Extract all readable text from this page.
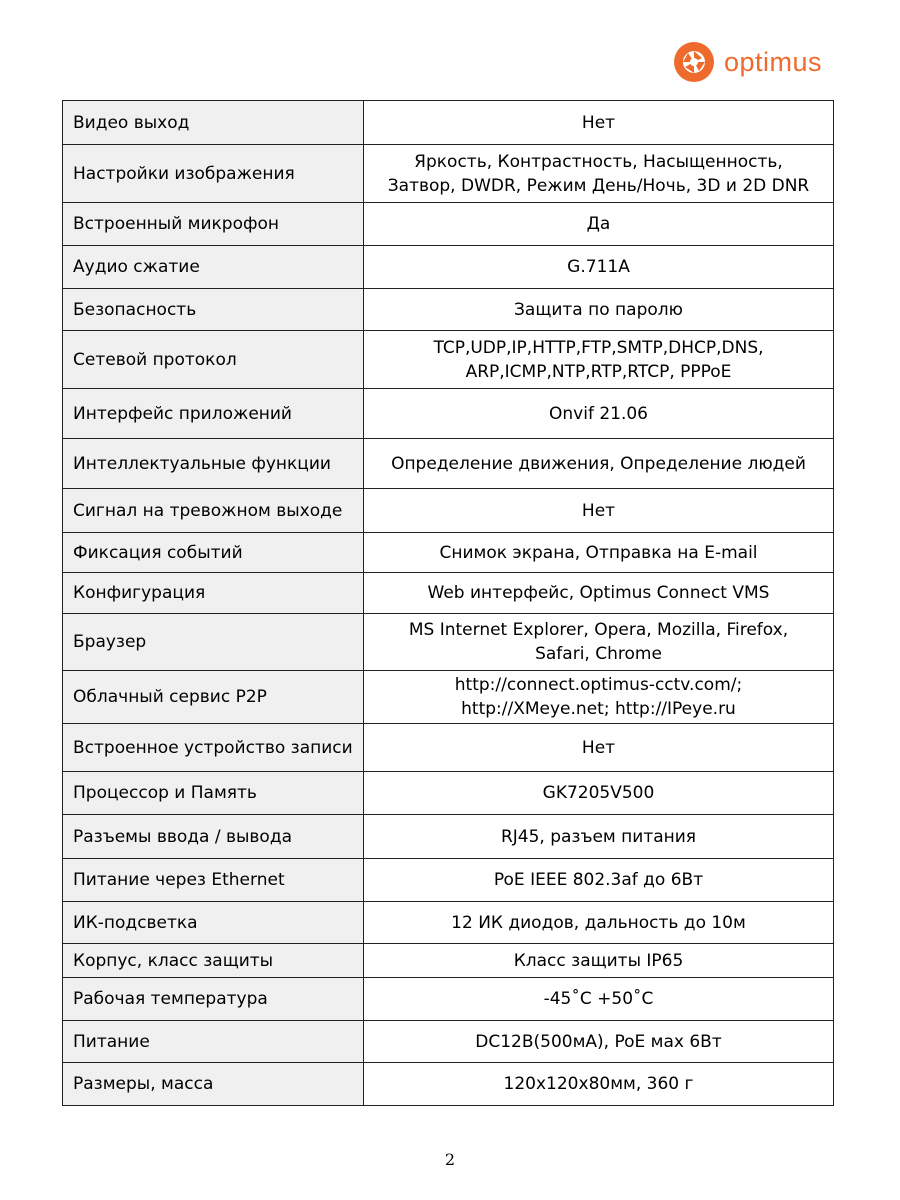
optimus
Видео выход	Нет

Настройки изображения	Яркость, Контрастность, Насыщенность,
Затвор, DWDR, Режим День/Ночь, 3D и 2D DNR

Встроенный микрофон	Да

Аудио сжатие	G.711A

Безопасность	Защита по паролю

Сетевой протокол	TCP,UDP,IP,HTTP,FTP,SMTP,DHCP,DNS,
ARP,ICMP,NTP,RTP,RTCP, PPPoE

Интерфейс приложений	Onvif 21.06

Интеллектуальные функции	Определение движения, Определение людей

Сигнал на тревожном выходе	Нет

Фиксация событий	Снимок экрана, Отправка на E-mail

Конфигурация	Web интерфейс, Optimus Connect VMS

Браузер	MS Internet Explorer, Opera, Mozilla, Firefox,
Safari, Chrome

Облачный сервис P2P	http://connect.optimus-cctv.com/;
http://XMeye.net; http://IPeye.ru

Встроенное устройство записи	Нет

Процессор и Память	GK7205V500

Разъемы ввода / вывода	RJ45, разъем питания

Питание через Ethernet	PoE IEEE 802.3af до 6Вт

ИК-подсветка	12 ИК диодов, дальность до 10м

Корпус, класс защиты	Класс защиты IP65

Рабочая температура	-45˚С +50˚С

Питание	DC12В(500мА), PoE мах 6Вт

Размеры, масса	120х120х80мм, 360 г
2
